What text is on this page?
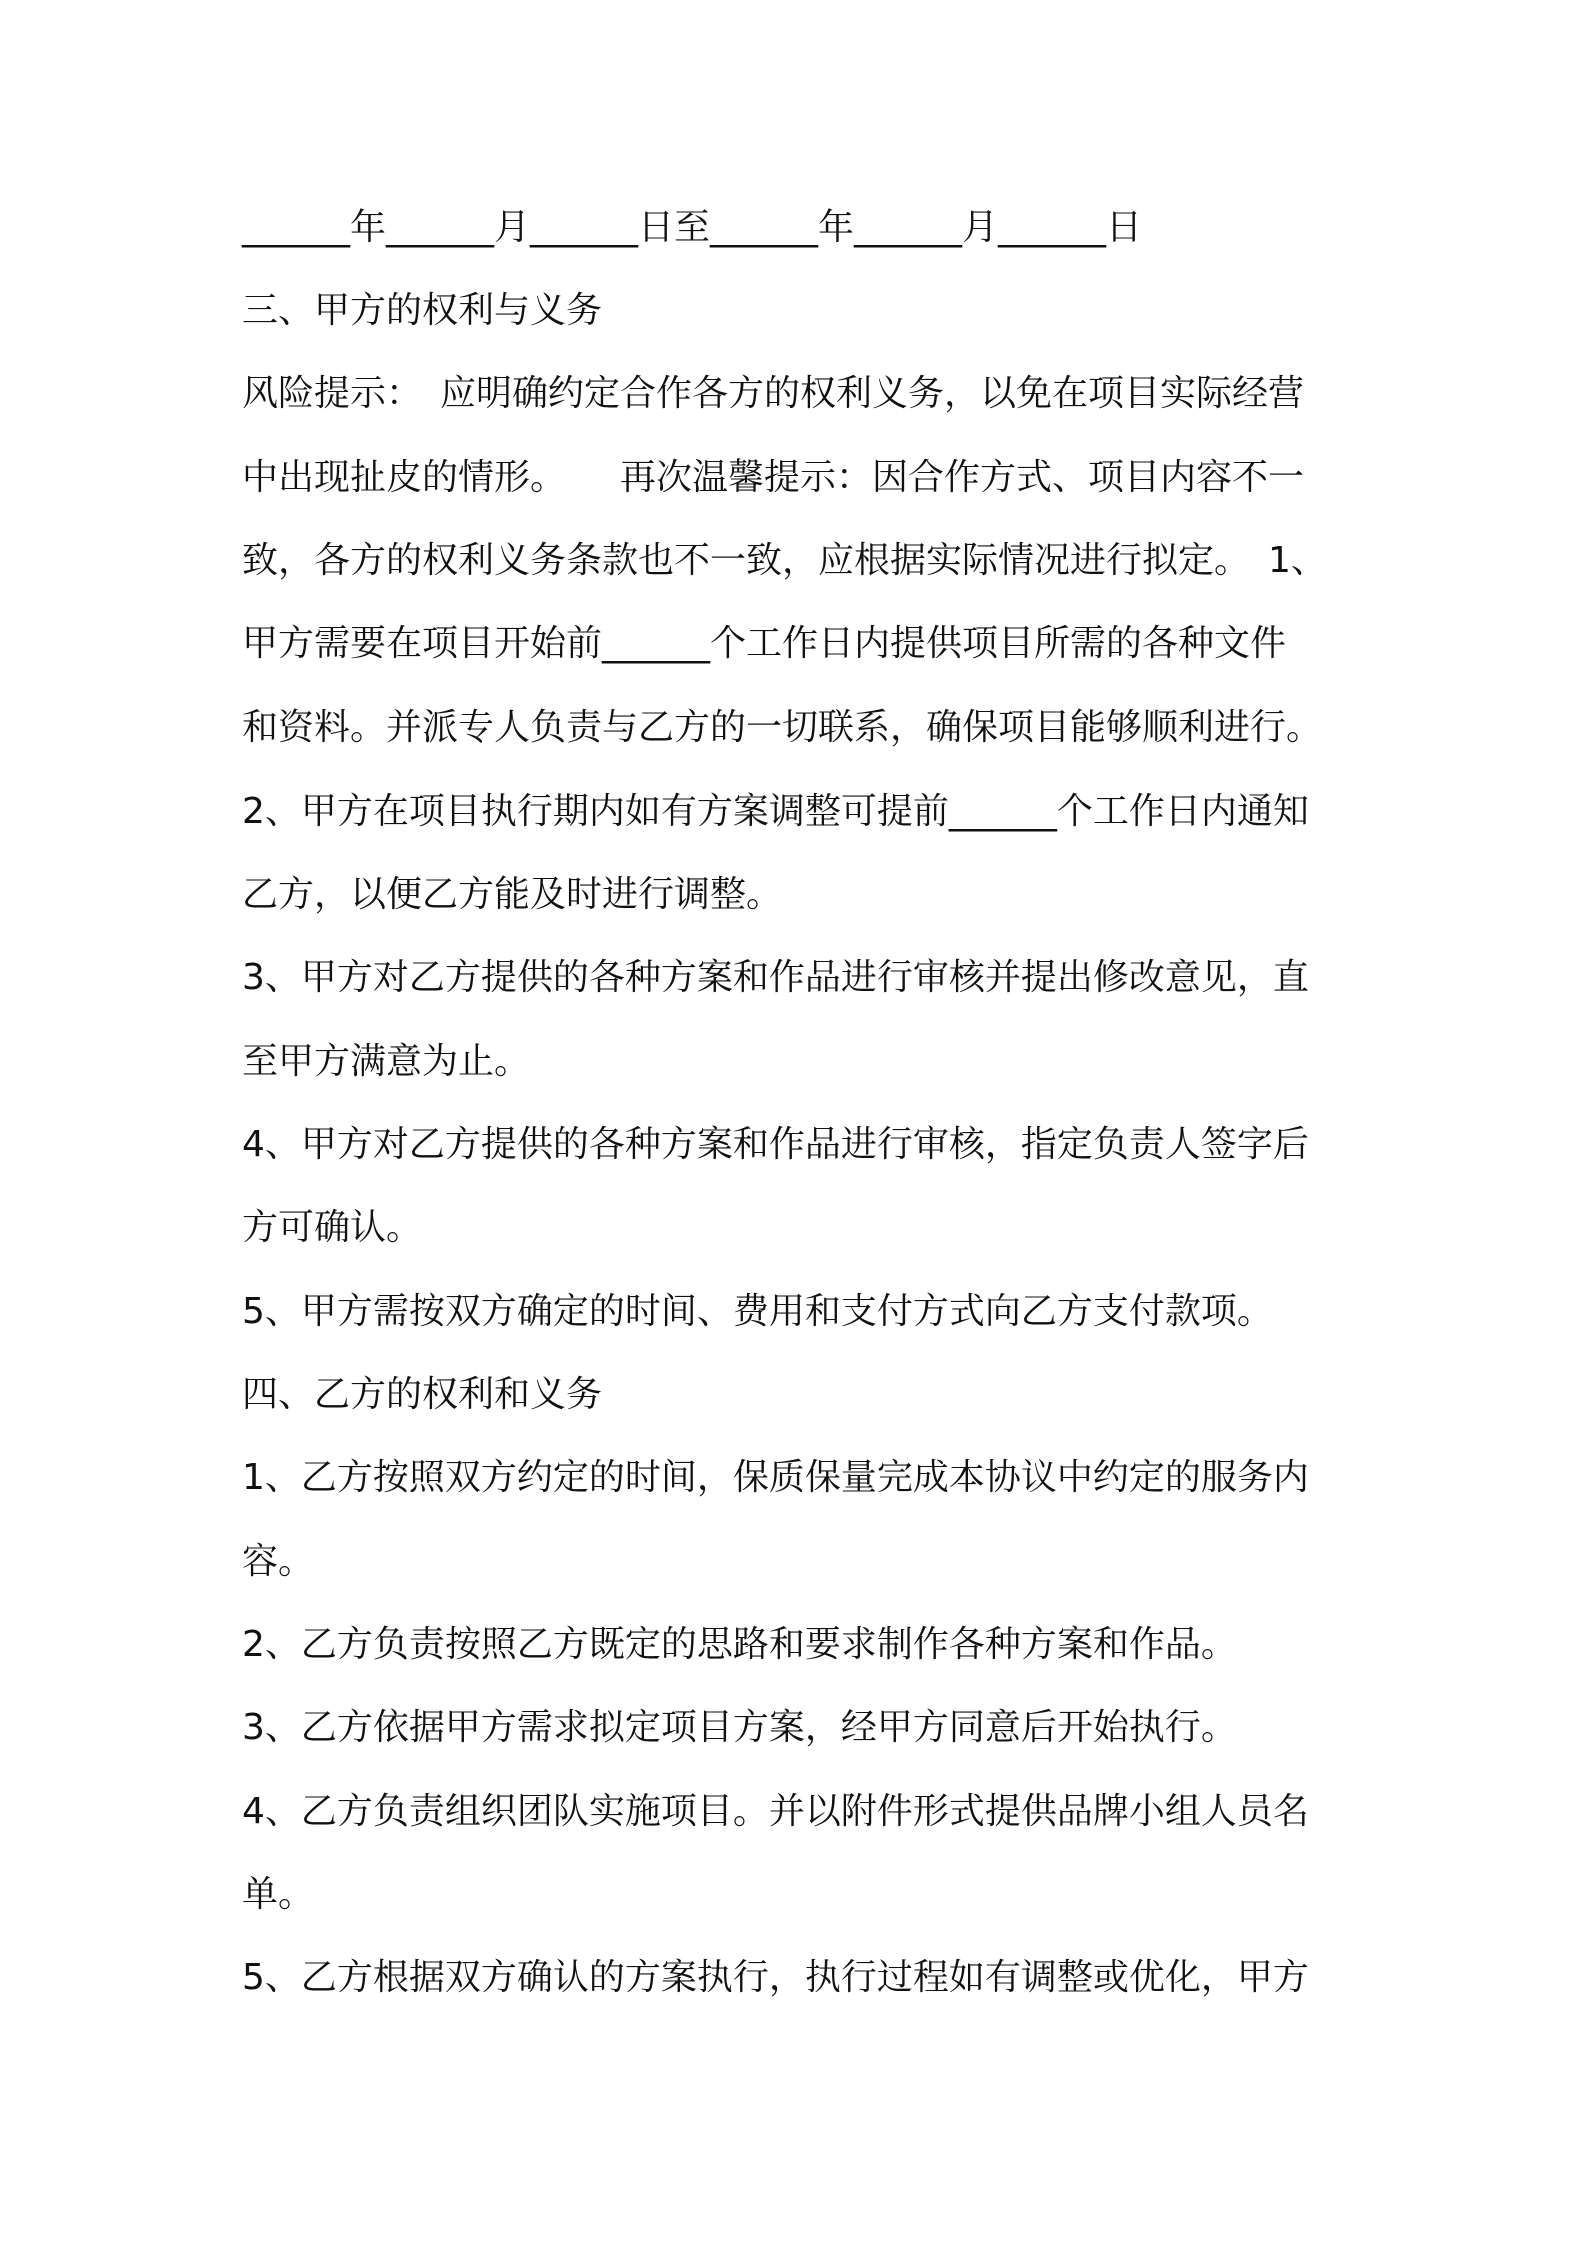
______年______月______日至______年______月______日
三、甲方的权利与义务
风险提示：　应明确约定合作各方的权利义务，以免在项目实际经营
中出现扯皮的情形。　　再次温馨提示：因合作方式、项目内容不一
致，各方的权利义务条款也不一致，应根据实际情况进行拟定。　1、
甲方需要在项目开始前______个工作日内提供项目所需的各种文件
和资料。并派专人负责与乙方的一切联系，确保项目能够顺利进行。
2、甲方在项目执行期内如有方案调整可提前______个工作日内通知
乙方，以便乙方能及时进行调整。
3、甲方对乙方提供的各种方案和作品进行审核并提出修改意见，直
至甲方满意为止。
4、甲方对乙方提供的各种方案和作品进行审核，指定负责人签字后
方可确认。
5、甲方需按双方确定的时间、费用和支付方式向乙方支付款项。
四、乙方的权利和义务
1、乙方按照双方约定的时间，保质保量完成本协议中约定的服务内
容。
2、乙方负责按照乙方既定的思路和要求制作各种方案和作品。
3、乙方依据甲方需求拟定项目方案，经甲方同意后开始执行。
4、乙方负责组织团队实施项目。并以附件形式提供品牌小组人员名
单。
5、乙方根据双方确认的方案执行，执行过程如有调整或优化，甲方
